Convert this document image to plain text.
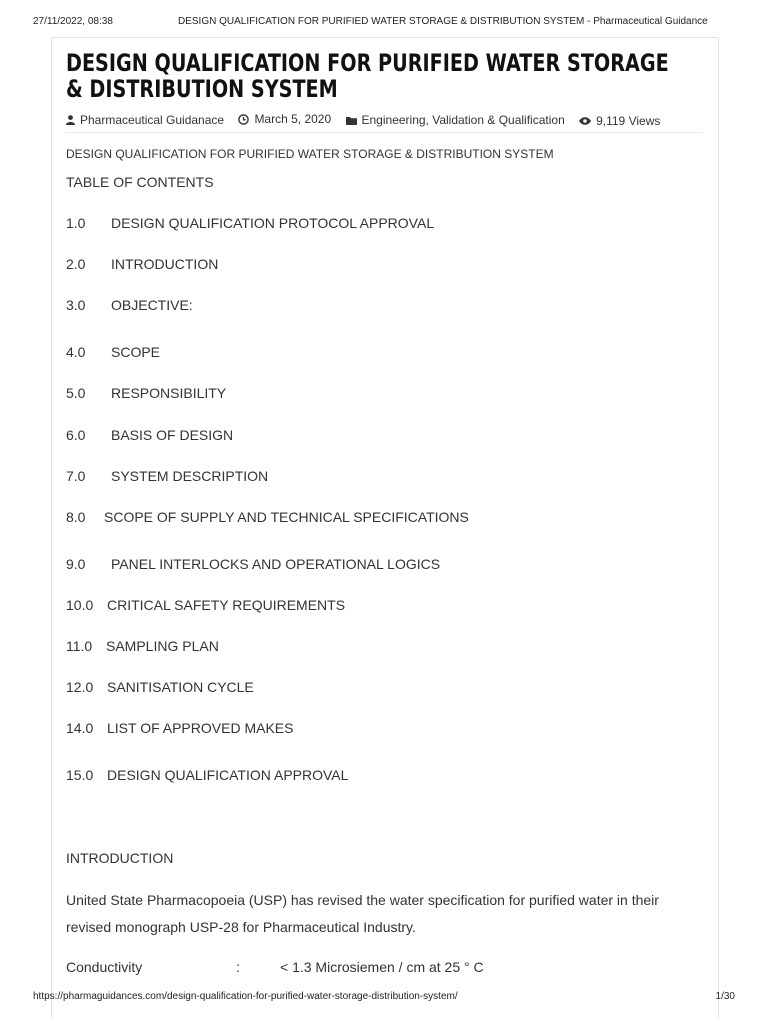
27/11/2022, 08:38	DESIGN QUALIFICATION FOR PURIFIED WATER STORAGE & DISTRIBUTION SYSTEM - Pharmaceutical Guidance
DESIGN QUALIFICATION FOR PURIFIED WATER STORAGE & DISTRIBUTION SYSTEM
Pharmaceutical Guidanace
	March 5, 2020
	Engineering, Validation & Qualification
	9,119 Views
DESIGN QUALIFICATION FOR PURIFIED WATER STORAGE & DISTRIBUTION SYSTEM
TABLE OF CONTENTS
1.0 DESIGN QUALIFICATION PROTOCOL APPROVAL
2.0 INTRODUCTION
3.0 OBJECTIVE:
4.0 SCOPE
5.0 RESPONSIBILITY
6.0 BASIS OF DESIGN
7.0 SYSTEM DESCRIPTION
8.0 SCOPE OF SUPPLY AND TECHNICAL SPECIFICATIONS
9.0 PANEL INTERLOCKS AND OPERATIONAL LOGICS
10.0 CRITICAL SAFETY REQUIREMENTS
11.0 SAMPLING PLAN
12.0 SANITISATION CYCLE
14.0 LIST OF APPROVED MAKES
15.0 DESIGN QUALIFICATION APPROVAL
INTRODUCTION
United State Pharmacopoeia (USP) has revised the water specification for purified water in their revised monograph USP-28 for Pharmaceutical Industry.
Conductivity	:	< 1.3 Microsiemen / cm at 25 ° C
https://pharmaguidances.com/design-qualification-for-purified-water-storage-distribution-system/	1/30
